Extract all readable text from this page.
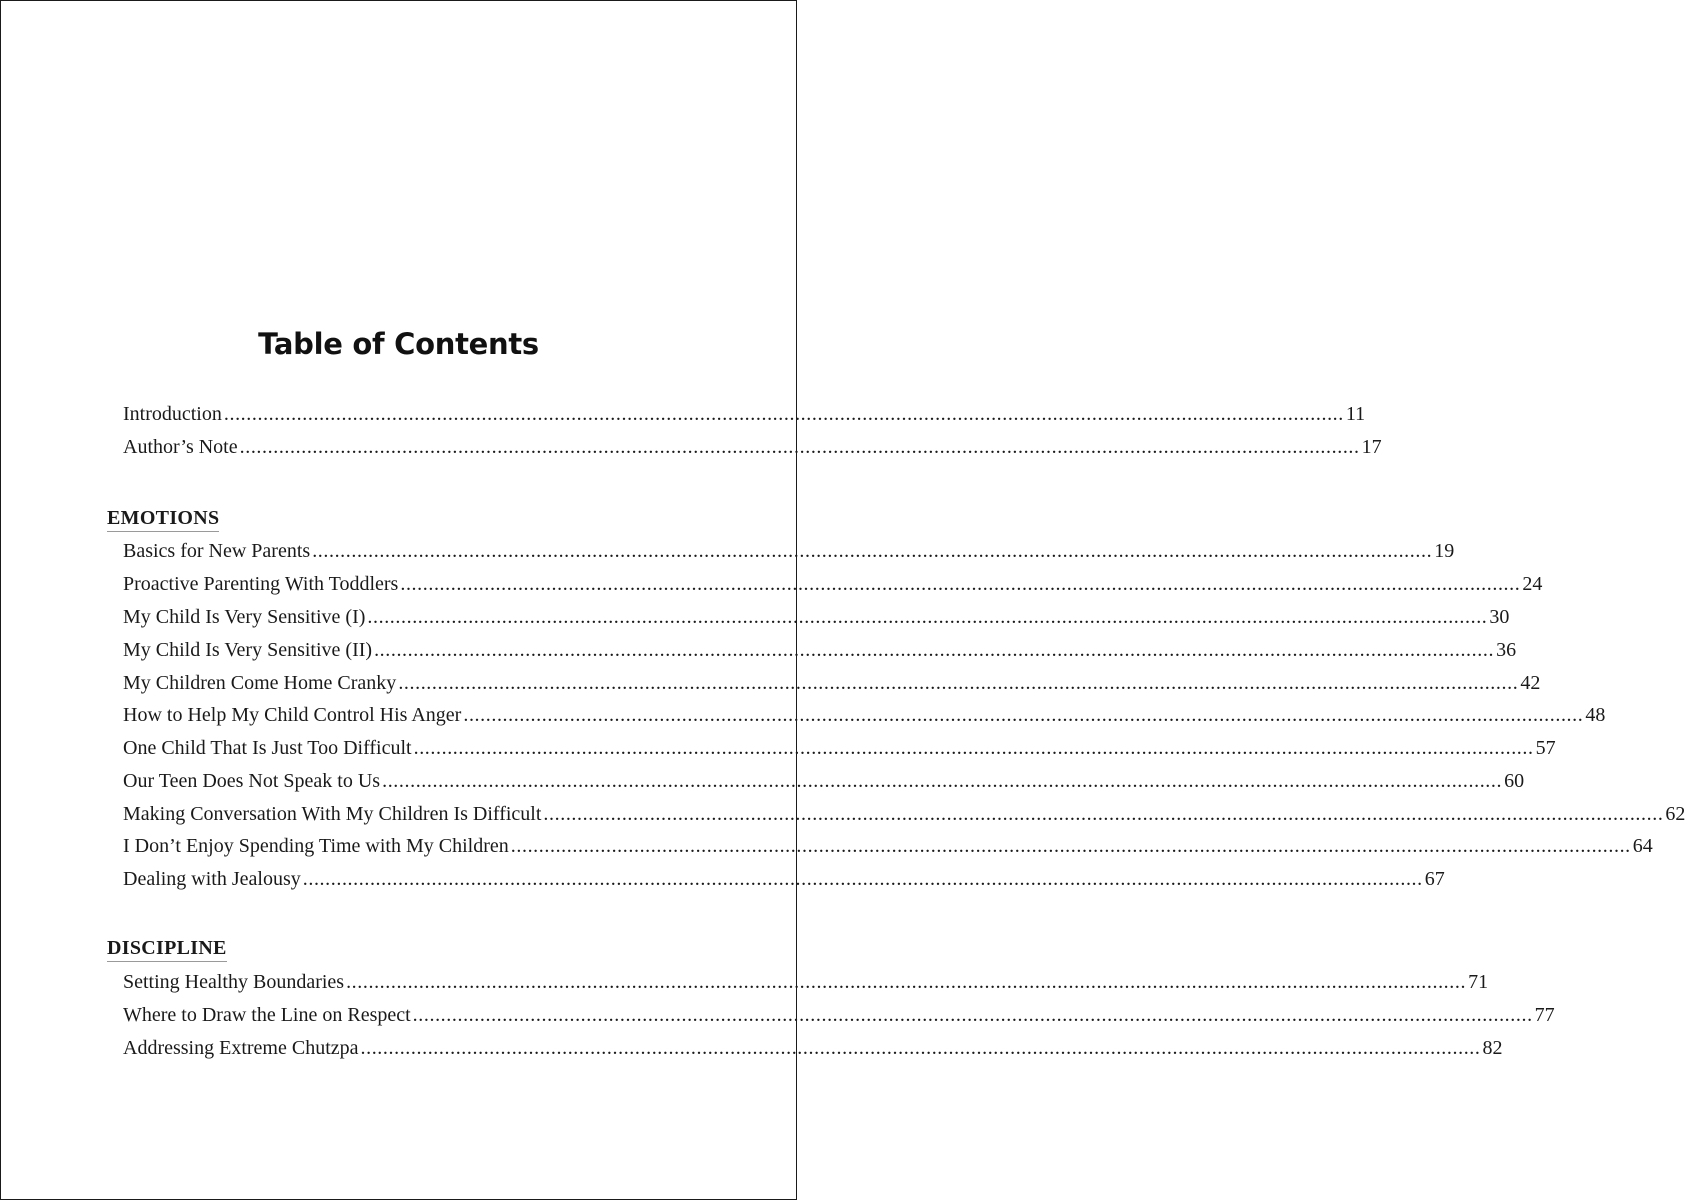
Table of Contents
Introduction ........................................................................................................................................................................................................ 11
Author’s Note ........................................................................................................................................................................................................ 17
EMOTIONS
Basics for New Parents ........................................................................................................................................................................................................ 19
Proactive Parenting With Toddlers ........................................................................................................................................................................................................ 24
My Child Is Very Sensitive (I) ........................................................................................................................................................................................................ 30
My Child Is Very Sensitive (II) ........................................................................................................................................................................................................ 36
My Children Come Home Cranky ........................................................................................................................................................................................................ 42
How to Help My Child Control His Anger ........................................................................................................................................................................................................ 48
One Child That Is Just Too Difficult ........................................................................................................................................................................................................ 57
Our Teen Does Not Speak to Us ........................................................................................................................................................................................................ 60
Making Conversation With My Children Is Difficult ........................................................................................................................................................................................................ 62
I Don’t Enjoy Spending Time with My Children ........................................................................................................................................................................................................ 64
Dealing with Jealousy ........................................................................................................................................................................................................ 67
DISCIPLINE
Setting Healthy Boundaries ........................................................................................................................................................................................................ 71
Where to Draw the Line on Respect ........................................................................................................................................................................................................ 77
Addressing Extreme Chutzpa ........................................................................................................................................................................................................ 82
